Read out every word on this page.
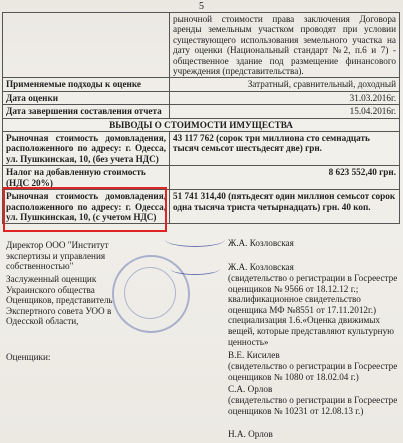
5
	рыночной стоимости права заключения Договора аренды земельным участком проводят при условии существующего использования земельного участка на дату оценки (Национальный стандарт №2, п.6 и 7) - общественное здание под размещение финансового учреждения (представительства).
Применяемые подходы к оценке	Затратный, сравнительный, доходный
Дата оценки	31.03.2016г.
Дата завершения составления отчета	15.04.2016г.
ВЫВОДЫ О СТОИМОСТИ ИМУЩЕСТВА	
Рыночная стоимость домовладения, расположенного по адресу: г. Одесса, ул. Пушкинская, 10, (без учета НДС)	43 117 762 (сорок три миллиона сто семнадцать тысяч семьсот шестьдесят две) грн.
Налог на добавленную стоимость (НДС 20%)	8 623 552,40 грн.
Рыночная стоимость домовладения, расположенного по адресу: г. Одесса, ул. Пушкинская, 10, (с учетом НДС)	51 741 314,40 (пятьдесят один миллион семьсот сорок одна тысяча триста четырнадцать) грн. 40 коп.
Директор ООО "Институт экспертизы и управления собственностью"
Ж.А. Козловская
Заслуженный оценщик Украинского общества Оценщиков, представитель Экспертного совета УОО в Одесской области,
Ж.А. Козловская
(свидетельство о регистрации в Госреестре оценщиков № 9566 от 18.12.12 г.; квалификационное свидетельство оценщика МФ №8551 от 17.11.2012г.) специализация 1.6.«Оценка движимых вещей, которые представляют культурную ценность»
Оценщики:	В.Е. Кисилев
(свидетельство о регистрации в Госреестре оценщиков № 1080 от 18.02.04 г.)
С.А. Орлов
(свидетельство о регистрации в Госреестре оценщиков № 10231 от 12.08.13 г.)
Н.А. Орлов
